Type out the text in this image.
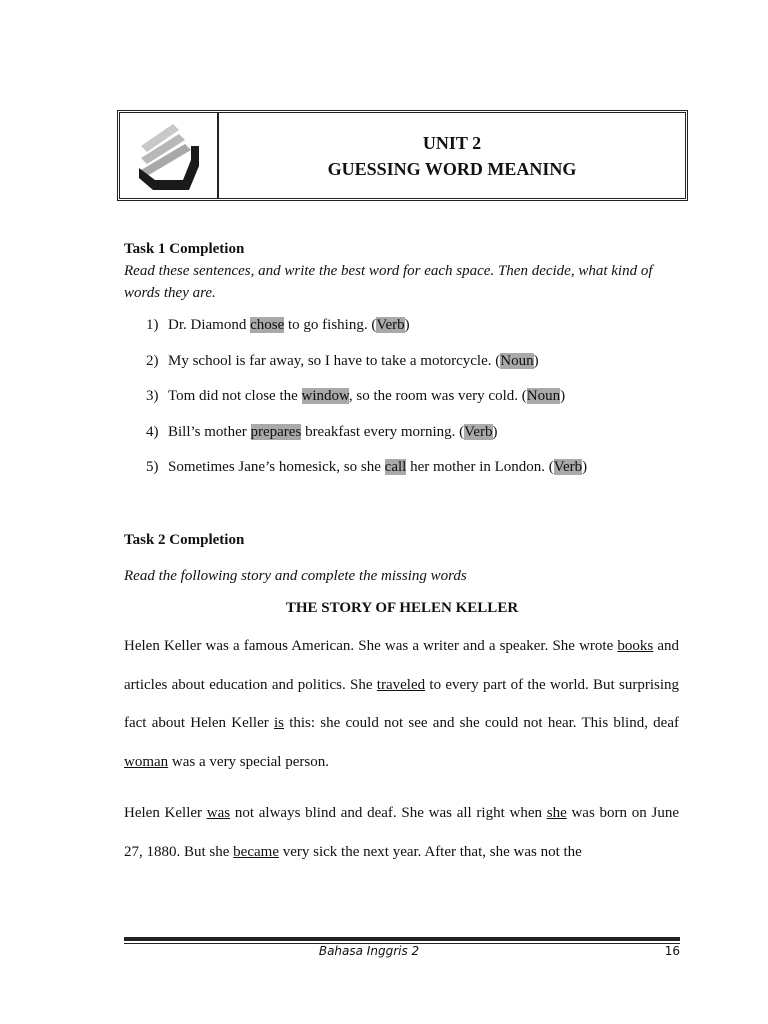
UNIT 2
GUESSING WORD MEANING
Task 1 Completion
Read these sentences, and write the best word for each space. Then decide, what kind of words they are.
1) Dr. Diamond chose to go fishing. (Verb)
2) My school is far away, so I have to take a motorcycle. (Noun)
3) Tom did not close the window, so the room was very cold. (Noun)
4) Bill’s mother prepares breakfast every morning. (Verb)
5) Sometimes Jane’s homesick, so she call her mother in London. (Verb)
Task 2 Completion
Read the following story and complete the missing words
THE STORY OF HELEN KELLER
Helen Keller was a famous American. She was a writer and a speaker. She wrote books and articles about education and politics. She traveled to every part of the world. But surprising fact about Helen Keller is this: she could not see and she could not hear. This blind, deaf woman was a very special person.
Helen Keller was not always blind and deaf. She was all right when she was born on June 27, 1880. But she became very sick the next year. After that, she was not the
Bahasa Inggris 2	16
